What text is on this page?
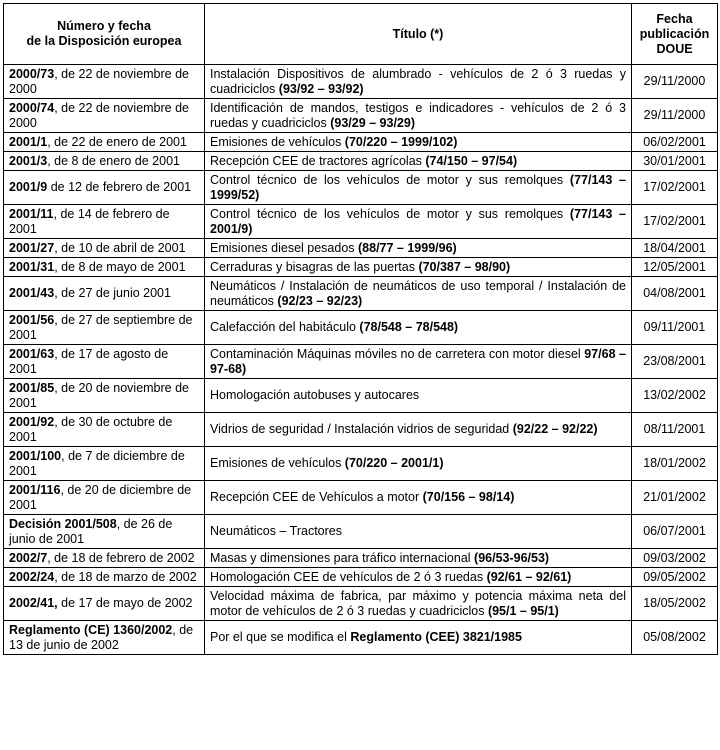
Número y fecha
de la Disposición europea	Título (*)	Fecha
publicación
DOUE

2000/73, de 22 de noviembre de 2000	Instalación Dispositivos de alumbrado - vehículos de 2 ó 3 ruedas y cuadriciclos (93/92 – 93/92)	29/11/2000
2000/74, de 22 de noviembre de 2000	Identificación de mandos, testigos e indicadores - vehículos de 2 ó 3 ruedas y cuadriciclos (93/29 – 93/29)	29/11/2000
2001/1, de 22 de enero de 2001	Emisiones de vehículos (70/220 – 1999/102)	06/02/2001
2001/3, de 8 de enero de 2001	Recepción CEE de tractores agrícolas (74/150 – 97/54)	30/01/2001
2001/9 de 12 de febrero de 2001	Control técnico de los vehículos de motor y sus remolques (77/143 – 1999/52)	17/02/2001
2001/11, de 14 de febrero de 2001	Control técnico de los vehículos de motor y sus remolques (77/143 – 2001/9)	17/02/2001
2001/27, de 10 de abril de 2001	Emisiones diesel pesados (88/77 – 1999/96)	18/04/2001
2001/31, de 8 de mayo de 2001	Cerraduras y bisagras de las puertas (70/387 – 98/90)	12/05/2001
2001/43, de 27 de junio 2001	Neumáticos / Instalación de neumáticos de uso temporal / Instalación de neumáticos (92/23 – 92/23)	04/08/2001
2001/56, de 27 de septiembre de 2001	Calefacción del habitáculo (78/548 – 78/548)	09/11/2001
2001/63, de 17 de agosto de 2001	Contaminación Máquinas móviles no de carretera con motor diesel 97/68 – 97-68)	23/08/2001
2001/85, de 20 de noviembre de 2001	Homologación autobuses y autocares	13/02/2002
2001/92, de 30 de octubre de 2001	Vidrios de seguridad / Instalación vidrios de seguridad (92/22 – 92/22)	08/11/2001
2001/100, de 7 de diciembre de 2001	Emisiones de vehículos (70/220 – 2001/1)	18/01/2002
2001/116, de 20 de diciembre de 2001	Recepción CEE de Vehículos a motor (70/156 – 98/14)	21/01/2002
Decisión 2001/508, de 26 de junio de 2001	Neumáticos – Tractores	06/07/2001
2002/7, de 18 de febrero de 2002	Masas y dimensiones para tráfico internacional (96/53-96/53)	09/03/2002
2002/24, de 18 de marzo de 2002	Homologación CEE de vehículos de 2 ó 3 ruedas (92/61 – 92/61)	09/05/2002
2002/41, de 17 de mayo de 2002	Velocidad máxima de fabrica, par máximo y potencia máxima neta del motor de vehículos de 2 ó 3 ruedas y cuadriciclos (95/1 – 95/1)	18/05/2002
Reglamento (CE) 1360/2002, de 13 de junio de 2002	Por el que se modifica el Reglamento (CEE) 3821/1985	05/08/2002
